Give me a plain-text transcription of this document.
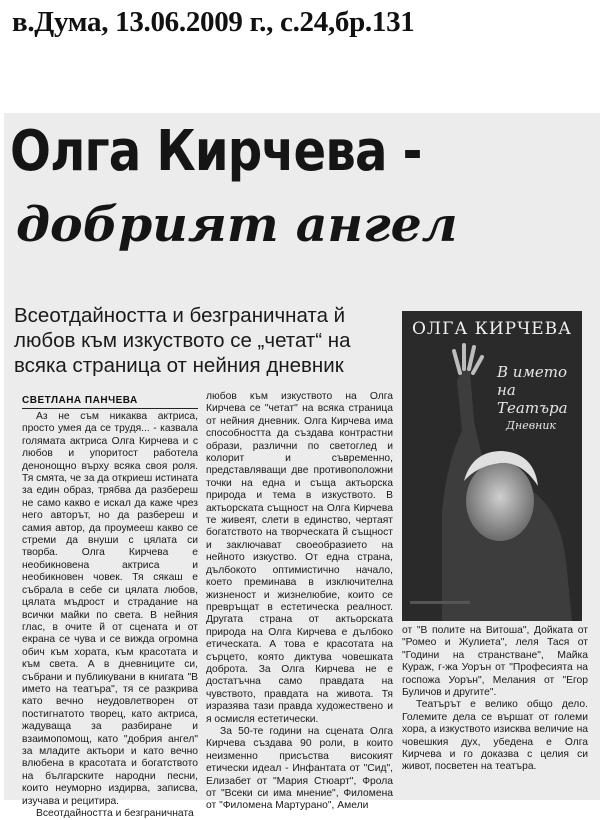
в.Дума, 13.06.2009 г., с.24,бр.131
Олга Кирчева -
добрият ангел
Всеотдайността и безграничната й любов към изкуството се „четат“ на всяка страница от нейния дневник
ОЛГА КИРЧЕВА
В името на Театъра
Дневник
СВЕТЛАНА ПАНЧЕВА

Аз не съм никаква актриса, просто умея да се трудя... - казвала голямата актриса Олга Кирчева и с любов и упоритост работела денонощно върху всяка своя роля. Тя смята, че за да откриеш истината за един образ, трябва да разбереш не само какво е искал да каже чрез него авторът, но да разбереш и самия автор, да проумееш какво се стреми да внуши с цялата си творба. Олга Кирчева е необикновена актриса и необикновен човек. Тя сякаш е събрала в себе си цялата любов, цялата мъдрост и страдание на всички майки по света. В нейния глас, в очите й от сцената и от екрана се чува и се вижда огромна обич към хората, към красотата и към света. А в дневниците си, събрани и публикувани в книгата "В името на театъра", тя се разкрива като вечно неудовлетворен от постигнатото творец, като актриса, жадуваща за разбиране и взаимопомощ, като "добрия ангел" за младите актьори и като вечно влюбена в красотата и богатството на българските народни песни, които неуморно издирва, записва, изучава и рецитира.

Всеотдайността и безграничната

любов към изкуството на Олга Кирчева се "четат" на всяка страница от нейния дневник. Олга Кирчева има способността да създава контрастни образи, различни по светоглед и колорит и съвременно, представляващи две противоположни точки на една и съща актьорска природа и тема в изкуството. В актьорската същност на Олга Кирчева те живеят, слети в единство, чертаят богатството на творческата й същност и заключават своеобразието на нейното изкуство. От една страна, дълбокото оптимистично начало, което преминава в изключителна жизненост и жизнелюбие, които се превръщат в естетическа реалност. Другата страна от актьорската природа на Олга Кирчева е дълбоко етическата. А това е красотата на сърцето, която диктува човешката доброта. За Олга Кирчева не е достатъчна само правдата на чувството, правдата на живота. Тя изразява тази правда художествено и я осмисля естетически.

За 50-те години на сцената Олга Кирчева създава 90 роли, в които неизменно присъства високият етически идеал - Инфантата от "Сид", Елизабет от "Мария Стюарт", Фрола от "Всеки си има мнение", Филомена от "Филомена Мартурано", Амели

от "В полите на Витоша", Дойката от "Ромео и Жулиета", леля Тася от "Години на странстване", Майка Кураж, г-жа Уорън от "Професията на госпожа Уорън", Мелания от "Егор Буличов и другите".

Театърът е велико общо дело. Големите дела се вършат от големи хора, а изкуството изисква величие на човешкия дух, убедена е Олга Кирчева и го доказва с целия си живот, посветен на театъра.
